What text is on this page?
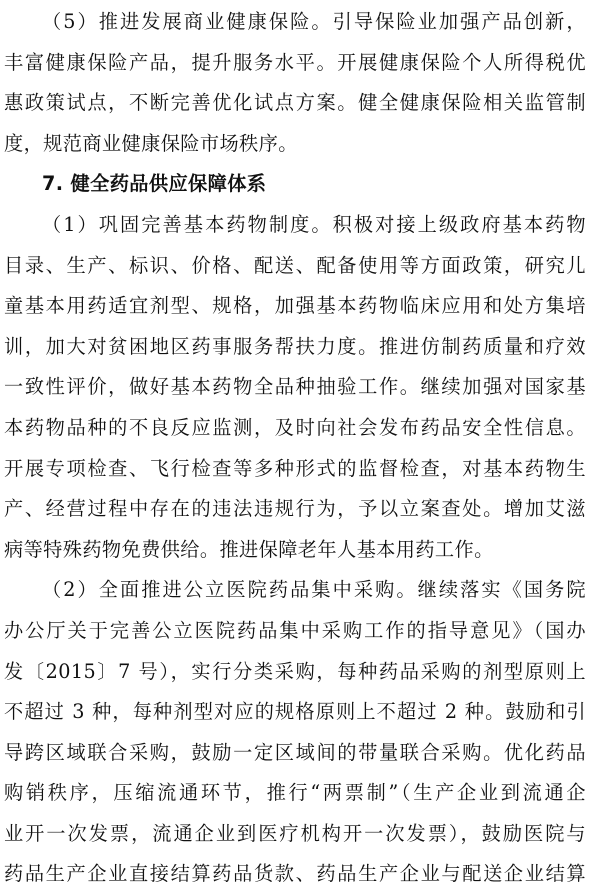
（5）推进发展商业健康保险。引导保险业加强产品创新，
丰富健康保险产品，提升服务水平。开展健康保险个人所得税优
惠政策试点，不断完善优化试点方案。健全健康保险相关监管制
度，规范商业健康保险市场秩序。
7. 健全药品供应保障体系
（1）巩固完善基本药物制度。积极对接上级政府基本药物
目录、生产、标识、价格、配送、配备使用等方面政策，研究儿
童基本用药适宜剂型、规格，加强基本药物临床应用和处方集培
训，加大对贫困地区药事服务帮扶力度。推进仿制药质量和疗效
一致性评价，做好基本药物全品种抽验工作。继续加强对国家基
本药物品种的不良反应监测，及时向社会发布药品安全性信息。
开展专项检查、飞行检查等多种形式的监督检查，对基本药物生
产、经营过程中存在的违法违规行为，予以立案查处。增加艾滋
病等特殊药物免费供给。推进保障老年人基本用药工作。
（2）全面推进公立医院药品集中采购。继续落实《国务院
办公厅关于完善公立医院药品集中采购工作的指导意见》（国办
发〔2015〕7 号），实行分类采购，每种药品采购的剂型原则上
不超过 3 种，每种剂型对应的规格原则上不超过 2 种。鼓励和引
导跨区域联合采购，鼓励一定区域间的带量联合采购。优化药品
购销秩序，压缩流通环节，推行“两票制”（生产企业到流通企
业开一次发票，流通企业到医疗机构开一次发票），鼓励医院与
药品生产企业直接结算药品货款、药品生产企业与配送企业结算
